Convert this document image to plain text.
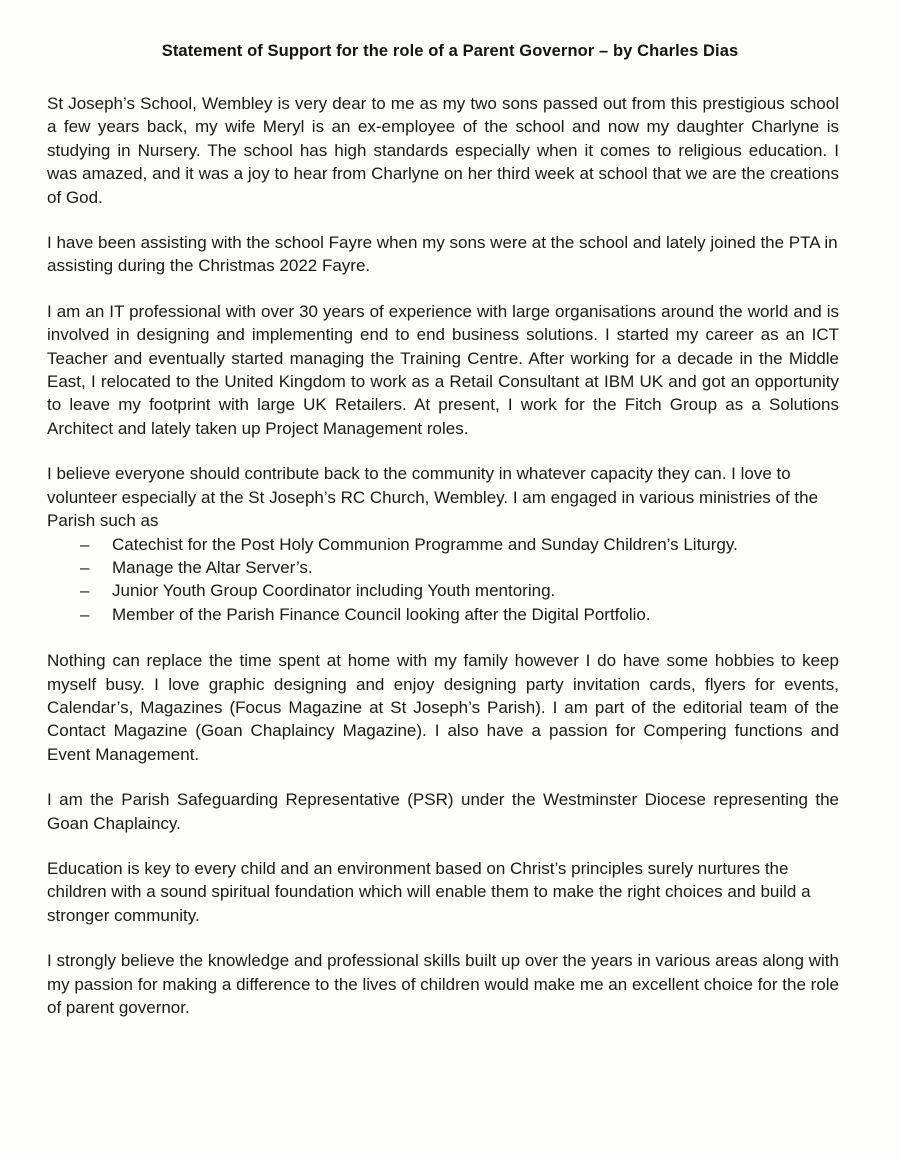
Statement of Support for the role of a Parent Governor – by Charles Dias

St Joseph’s School, Wembley is very dear to me as my two sons passed out from this prestigious school a few years back, my wife Meryl is an ex-employee of the school and now my daughter Charlyne is studying in Nursery. The school has high standards especially when it comes to religious education. I was amazed, and it was a joy to hear from Charlyne on her third week at school that we are the creations of God.

I have been assisting with the school Fayre when my sons were at the school and lately joined the PTA in assisting during the Christmas 2022 Fayre.

I am an IT professional with over 30 years of experience with large organisations around the world and is involved in designing and implementing end to end business solutions. I started my career as an ICT Teacher and eventually started managing the Training Centre. After working for a decade in the Middle East, I relocated to the United Kingdom to work as a Retail Consultant at IBM UK and got an opportunity to leave my footprint with large UK Retailers. At present, I work for the Fitch Group as a Solutions Architect and lately taken up Project Management roles.

I believe everyone should contribute back to the community in whatever capacity they can. I love to volunteer especially at the St Joseph’s RC Church, Wembley. I am engaged in various ministries of the Parish such as

– Catechist for the Post Holy Communion Programme and Sunday Children’s Liturgy.
– Manage the Altar Server’s.
– Junior Youth Group Coordinator including Youth mentoring.
– Member of the Parish Finance Council looking after the Digital Portfolio.

Nothing can replace the time spent at home with my family however I do have some hobbies to keep myself busy. I love graphic designing and enjoy designing party invitation cards, flyers for events, Calendar’s, Magazines (Focus Magazine at St Joseph’s Parish). I am part of the editorial team of the Contact Magazine (Goan Chaplaincy Magazine). I also have a passion for Compering functions and Event Management.

I am the Parish Safeguarding Representative (PSR) under the Westminster Diocese representing the Goan Chaplaincy.

Education is key to every child and an environment based on Christ’s principles surely nurtures the children with a sound spiritual foundation which will enable them to make the right choices and build a stronger community.

I strongly believe the knowledge and professional skills built up over the years in various areas along with my passion for making a difference to the lives of children would make me an excellent choice for the role of parent governor.
